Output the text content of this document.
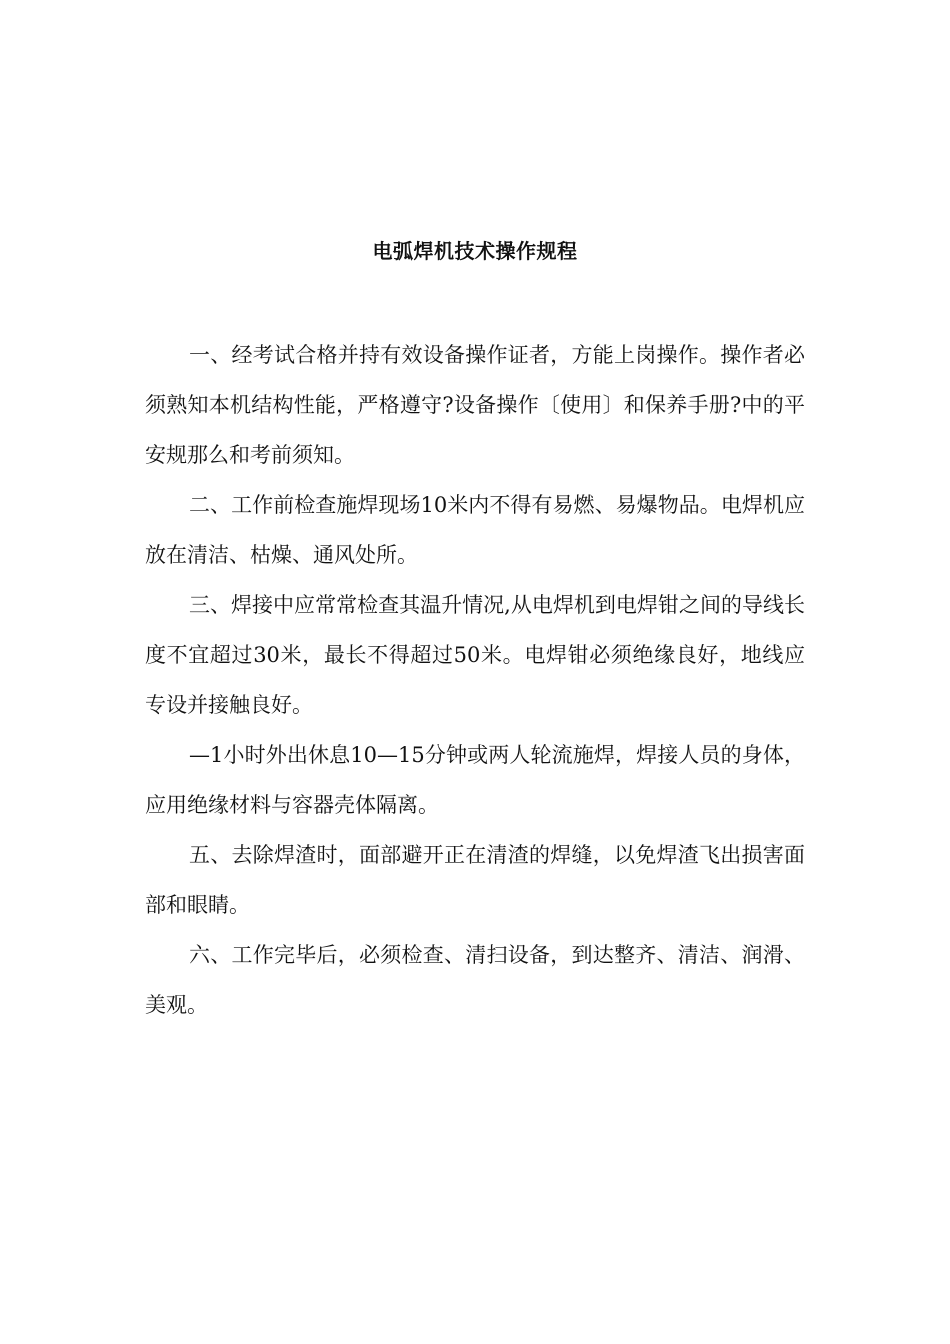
电弧焊机技术操作规程

一、经考试合格并持有效设备操作证者，方能上岗操作。操作者必须熟知本机结构性能，严格遵守?设备操作〔使用〕和保养手册?中的平安规那么和考前须知。

二、工作前检查施焊现场10米内不得有易燃、易爆物品。电焊机应放在清洁、枯燥、通风处所。

三、焊接中应常常检查其温升情况,从电焊机到电焊钳之间的导线长度不宜超过30米，最长不得超过50米。电焊钳必须绝缘良好，地线应专设并接触良好。

—1小时外出休息10—15分钟或两人轮流施焊，焊接人员的身体，应用绝缘材料与容器壳体隔离。

五、去除焊渣时，面部避开正在清渣的焊缝，以免焊渣飞出损害面部和眼睛。

六、工作完毕后，必须检查、清扫设备，到达整齐、清洁、润滑、美观。
